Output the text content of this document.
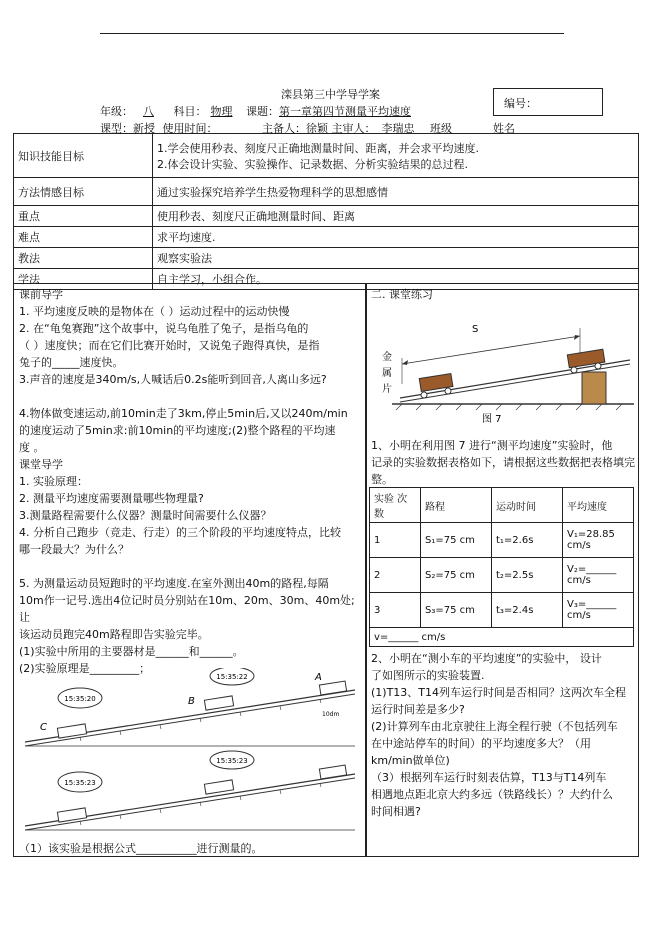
滦县第三中学导学案
年级： 八 科目： 物理 课题：第一章第四节测量平均速度
编号：
课型：新授 使用时间：	主备人：徐颖 主审人： 李瑞忠 班级	姓名
知识技能目标	1.学会使用秒表、刻度尺正确地测量时间、距离，并会求平均速度.
2.体会设计实验、实验操作、记录数据、分析实验结果的总过程.

方法情感目标	通过实验探究培养学生热爱物理科学的思想感情
重点	使用秒表、刻度尺正确地测量时间、距离
难点	求平均速度.
教法	观察实验法
学法	自主学习，小组合作。
课前导学
1. 平均速度反映的是物体在（ ）运动过程中的运动快慢
2. 在“龟兔赛跑”这个故事中，说乌龟胜了兔子，是指乌龟的
（ ）速度快；而在它们比赛开始时，又说兔子跑得真快，是指
兔子的_____速度快。
3.声音的速度是340m/s,人喊话后0.2s能听到回音,人离山多远?
4.物体做变速运动,前10min走了3km,停止5min后,又以240m/min
的速度运动了5min求:前10min的平均速度;(2)整个路程的平均速
度 。
课堂导学
1. 实验原理：
2. 测量平均速度需要测量哪些物理量?
3.测量路程需要什么仪器？测量时间需要什么仪器？
4. 分析自己跑步（竞走、行走）的三个阶段的平均速度特点，比较
哪一段最大？为什么？
5. 为测量运动员短跑时的平均速度.在室外测出40m的路程,每隔
10m作一记号.选出4位记时员分别站在10m、20m、30m、40m处;让
该运动员跑完40m路程即告实验完毕。
(1)实验中所用的主要器材是______和______。
(2)实验原理是_________；
C
B
A
10dm
15:35:20
15:35:22
15:35:23
15:35:23
（1）该实验是根据公式___________进行测量的。
二. 课堂练习
S
金
属
片
图 7
1、小明在利用图 7 进行“测平均速度”实验时，他
记录的实验数据表格如下，请根据这些数据把表格填完
整。
实验 次数	路程	运动时间	平均速度
1	S₁=75 cm	t₁=2.6s	V₁=28.85 cm/s
2	S₂=75 cm	t₂=2.5s	V₂=______ cm/s
3	S₃=75 cm	t₃=2.4s	V₃=______ cm/s
v=______ cm/s			
2、小明在“测小车的平均速度”的实验中， 设计
了如图所示的实验装置.
(1)T13、T14列车运行时间是否相同？这两次车全程
运行时间差是多少?
(2)计算列车由北京驶往上海全程行驶（不包括列车
在中途站停车的时间）的平均速度多大？（用
km/min做单位)
（3）根据列车运行时刻表估算，T13与T14列车
相遇地点距北京大约多远（铁路线长）？大约什么
时间相遇?
